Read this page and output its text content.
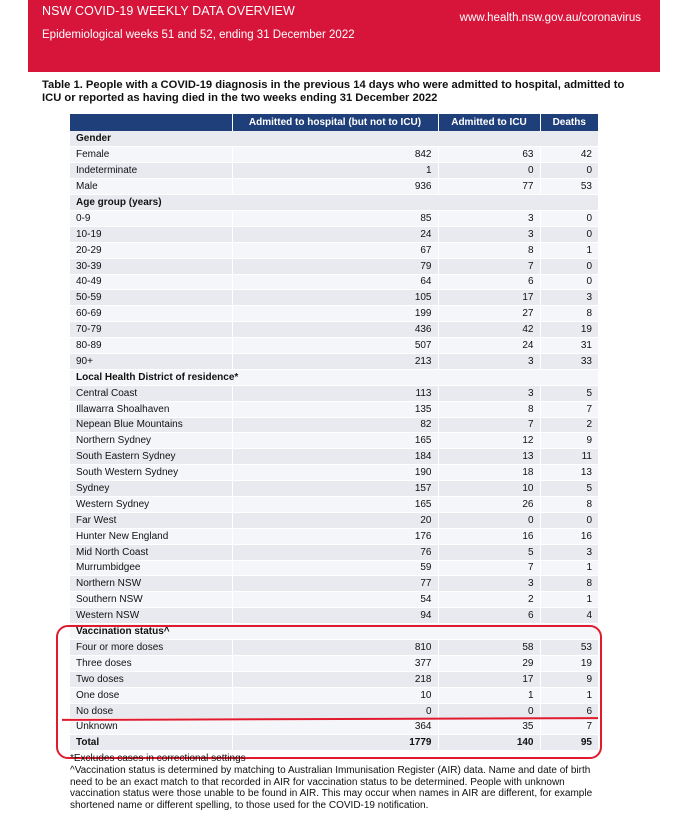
NSW COVID-19 WEEKLY DATA OVERVIEW
Epidemiological weeks 51 and 52, ending 31 December 2022
www.health.nsw.gov.au/coronavirus
Table 1. People with a COVID-19 diagnosis in the previous 14 days who were admitted to hospital, admitted to ICU or reported as having died in the two weeks ending 31 December 2022
	Admitted to hospital (but not to ICU)	Admitted to ICU	Deaths
Gender			
Female	842	63	42
Indeterminate	1	0	0
Male	936	77	53
Age group (years)			
0-9	85	3	0
10-19	24	3	0
20-29	67	8	1
30-39	79	7	0
40-49	64	6	0
50-59	105	17	3
60-69	199	27	8
70-79	436	42	19
80-89	507	24	31
90+	213	3	33
Local Health District of residence*			
Central Coast	113	3	5
Illawarra Shoalhaven	135	8	7
Nepean Blue Mountains	82	7	2
Northern Sydney	165	12	9
South Eastern Sydney	184	13	11
South Western Sydney	190	18	13
Sydney	157	10	5
Western Sydney	165	26	8
Far West	20	0	0
Hunter New England	176	16	16
Mid North Coast	76	5	3
Murrumbidgee	59	7	1
Northern NSW	77	3	8
Southern NSW	54	2	1
Western NSW	94	6	4
Vaccination status^			
Four or more doses	810	58	53
Three doses	377	29	19
Two doses	218	17	9
One dose	10	1	1
No dose	0	0	6
Unknown	364	35	7
Total	1779	140	95
*Excludes cases in correctional settings
^Vaccination status is determined by matching to Australian Immunisation Register (AIR) data. Name and date of birth need to be an exact match to that recorded in AIR for vaccination status to be determined. People with unknown vaccination status were those unable to be found in AIR. This may occur when names in AIR are different, for example shortened name or different spelling, to those used for the COVID-19 notification.
